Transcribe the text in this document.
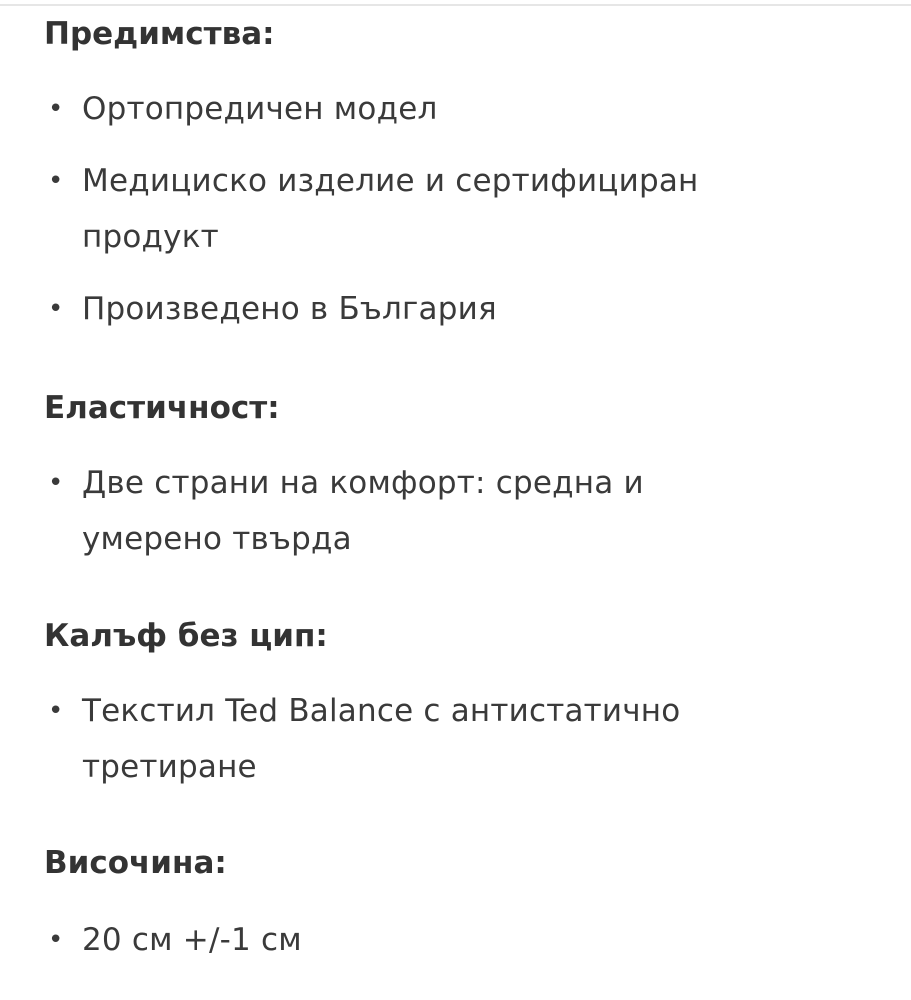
Предимства:
• Ортопредичен модел
• Медициско изделие и сертифициран продукт
• Произведено в България
Еластичност:
• Две страни на комфорт: средна и умерено твърда
Калъф без цип:
• Текстил Ted Balance с антистатично третиране
Височина:
• 20 см +/-1 см
